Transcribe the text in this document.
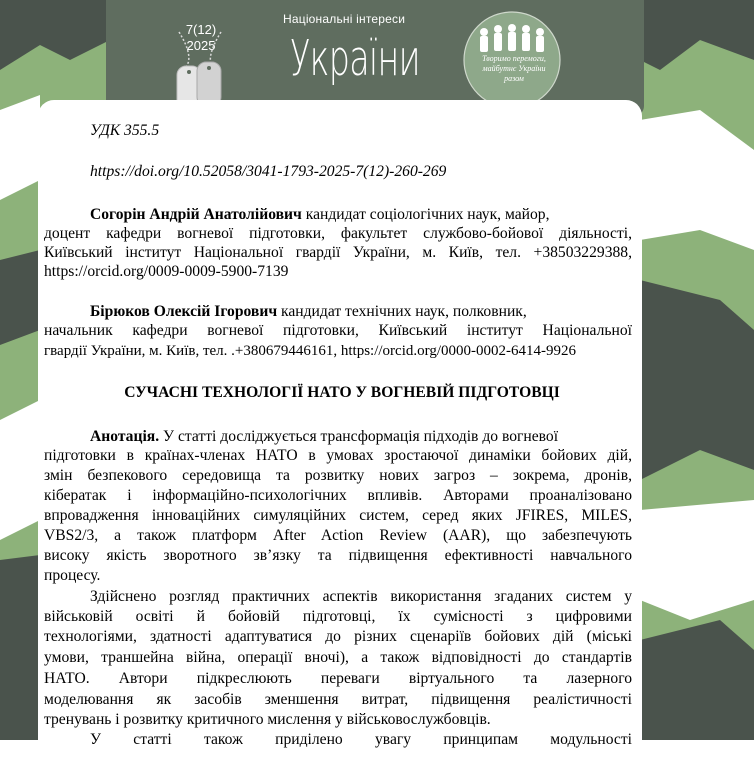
7(12)
2025
Національні інтереси
України	Творимо перемоги,
майбутнє України
разом
УДК 355.5
https://doi.org/10.52058/3041-1793-2025-7(12)-260-269
Согорін Андрій Анатолійович кандидат соціологічних наук, майор,
доцент кафедри вогневої підготовки, факультет службово-бойової діяльності,
Київський інститут Національної гвардії України, м. Київ, тел. +38503229388,
https://orcid.org/0009-0009-5900-7139
Бірюков Олексій Ігорович кандидат технічних наук, полковник,
начальник кафедри вогневої підготовки, Київський інститут Національної
гвардії України, м. Київ, тел. .+380679446161, https://orcid.org/0000-0002-6414-9926
СУЧАСНІ ТЕХНОЛОГІЇ НАТО У ВОГНЕВІЙ ПІДГОТОВЦІ
Анотація. У статті досліджується трансформація підходів до вогневої
підготовки в країнах-членах НАТО в умовах зростаючої динаміки бойових дій,
змін безпекового середовища та розвитку нових загроз – зокрема, дронів,
кібератак і інформаційно-психологічних впливів. Авторами проаналізовано
впровадження інноваційних симуляційних систем, серед яких JFIRES, MILES,
VBS2/3, а також платформ After Action Review (AAR), що забезпечують
високу якість зворотного зв’язку та підвищення ефективності навчального
процесу.
Здійснено розгляд практичних аспектів використання згаданих систем у
військовій освіті й бойовій підготовці, їх сумісності з цифровими
технологіями, здатності адаптуватися до різних сценаріїв бойових дій (міські
умови, траншейна війна, операції вночі), а також відповідності до стандартів
НАТО. Автори підкреслюють переваги віртуального та лазерного
моделювання як засобів зменшення витрат, підвищення реалістичності
тренувань і розвитку критичного мислення у військовослужбовців.
У статті також приділено увагу принципам модульності
